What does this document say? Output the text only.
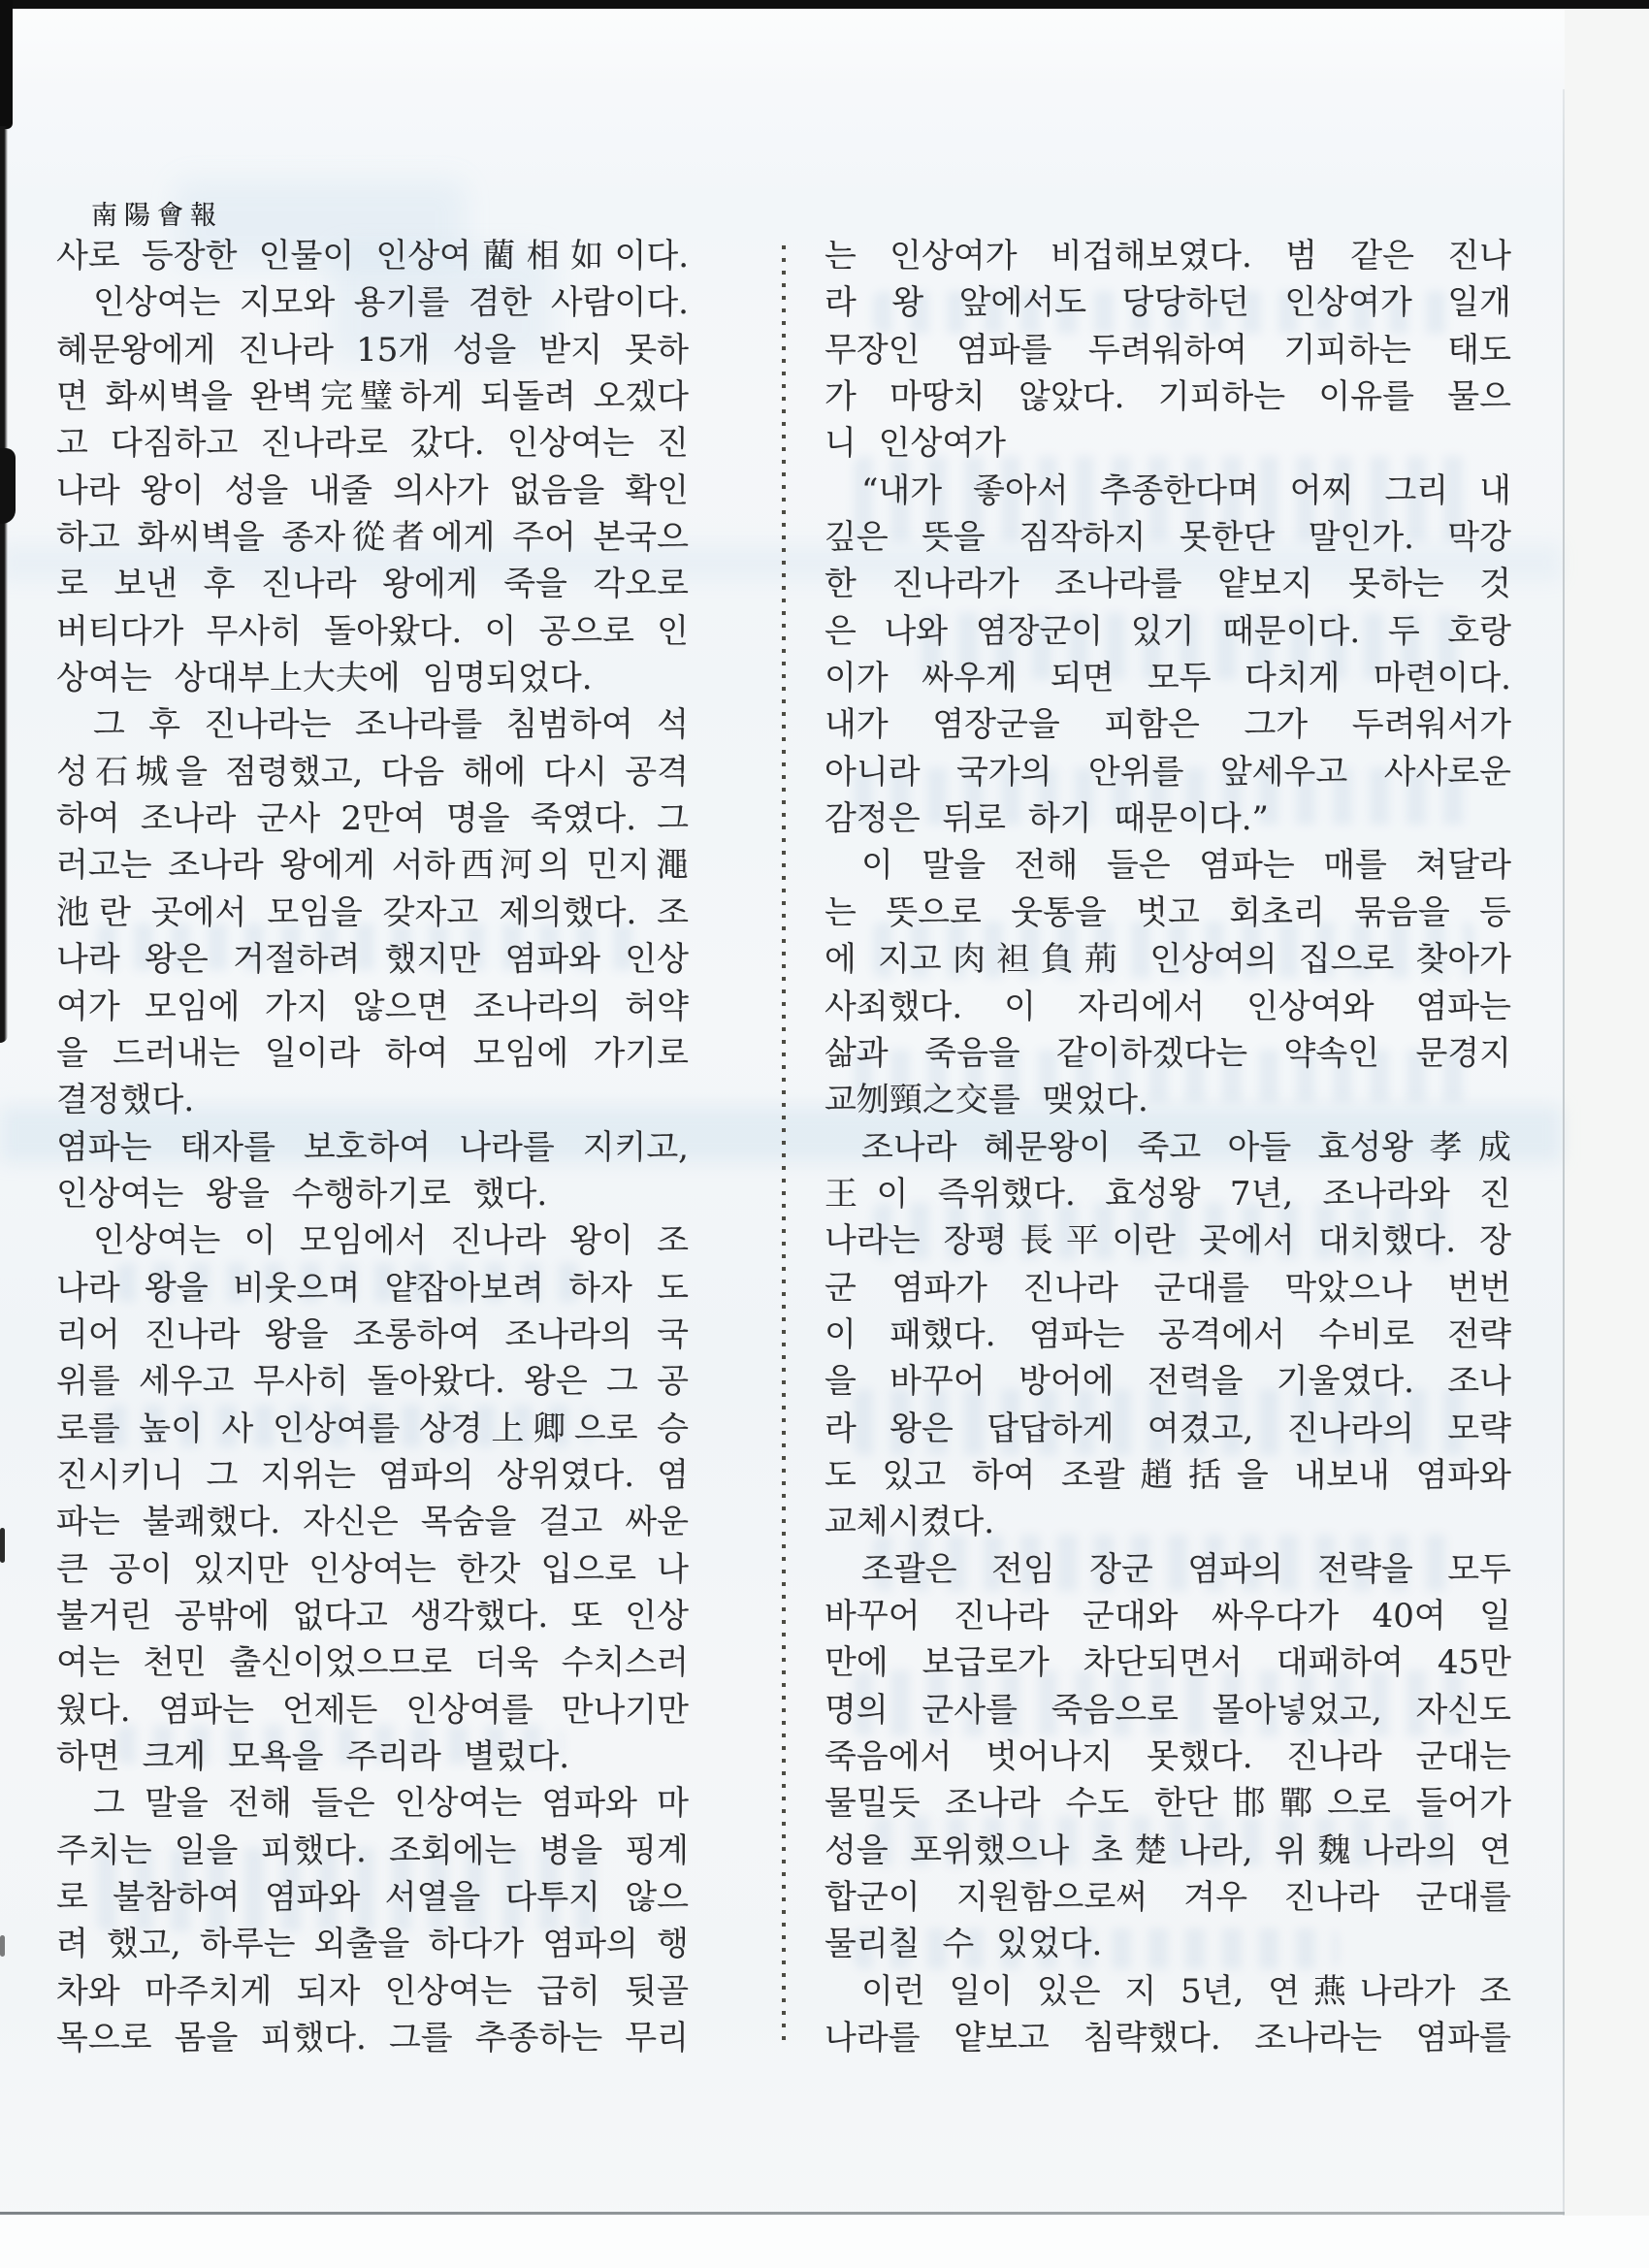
南陽會報
사로 등장한 인물이 인상여藺相如이다.
인상여는 지모와 용기를 겸한 사람이다.
혜문왕에게 진나라 15개 성을 받지 못하
면 화씨벽을 완벽完璧하게 되돌려 오겠다
고 다짐하고 진나라로 갔다. 인상여는 진
나라 왕이 성을 내줄 의사가 없음을 확인
하고 화씨벽을 종자從者에게 주어 본국으
로 보낸 후 진나라 왕에게 죽을 각오로
버티다가 무사히 돌아왔다. 이 공으로 인
상여는 상대부上大夫에 임명되었다.
그 후 진나라는 조나라를 침범하여 석
성石城을 점령했고, 다음 해에 다시 공격
하여 조나라 군사 2만여 명을 죽였다. 그
러고는 조나라 왕에게 서하西河의 민지澠
池란 곳에서 모임을 갖자고 제의했다. 조
나라 왕은 거절하려 했지만 염파와 인상
여가 모임에 가지 않으면 조나라의 허약
을 드러내는 일이라 하여 모임에 가기로
결정했다.
염파는 태자를 보호하여 나라를 지키고,
인상여는 왕을 수행하기로 했다.
인상여는 이 모임에서 진나라 왕이 조
나라 왕을 비웃으며 얕잡아보려 하자 도
리어 진나라 왕을 조롱하여 조나라의 국
위를 세우고 무사히 돌아왔다. 왕은 그 공
로를 높이 사 인상여를 상경上卿으로 승
진시키니 그 지위는 염파의 상위였다. 염
파는 불쾌했다. 자신은 목숨을 걸고 싸운
큰 공이 있지만 인상여는 한갓 입으로 나
불거린 공밖에 없다고 생각했다. 또 인상
여는 천민 출신이었으므로 더욱 수치스러
웠다. 염파는 언제든 인상여를 만나기만
하면 크게 모욕을 주리라 별렀다.
그 말을 전해 들은 인상여는 염파와 마
주치는 일을 피했다. 조회에는 병을 핑계
로 불참하여 염파와 서열을 다투지 않으
려 했고, 하루는 외출을 하다가 염파의 행
차와 마주치게 되자 인상여는 급히 뒷골
목으로 몸을 피했다. 그를 추종하는 무리
는 인상여가 비겁해보였다. 범 같은 진나
라 왕 앞에서도 당당하던 인상여가 일개
무장인 염파를 두려워하여 기피하는 태도
가 마땅치 않았다. 기피하는 이유를 물으
니 인상여가
“내가 좋아서 추종한다며 어찌 그리 내
깊은 뜻을 짐작하지 못한단 말인가. 막강
한 진나라가 조나라를 얕보지 못하는 것
은 나와 염장군이 있기 때문이다. 두 호랑
이가 싸우게 되면 모두 다치게 마련이다.
내가 염장군을 피함은 그가 두려워서가
아니라 국가의 안위를 앞세우고 사사로운
감정은 뒤로 하기 때문이다.”
이 말을 전해 들은 염파는 매를 쳐달라
는 뜻으로 웃통을 벗고 회초리 묶음을 등
에 지고肉袒負荊 인상여의 집으로 찾아가
사죄했다. 이 자리에서 인상여와 염파는
삶과 죽음을 같이하겠다는 약속인 문경지
교刎頸之交를 맺었다.
조나라 혜문왕이 죽고 아들 효성왕孝成
王이 즉위했다. 효성왕 7년, 조나라와 진
나라는 장평長平이란 곳에서 대치했다. 장
군 염파가 진나라 군대를 막았으나 번번
이 패했다. 염파는 공격에서 수비로 전략
을 바꾸어 방어에 전력을 기울였다. 조나
라 왕은 답답하게 여겼고, 진나라의 모략
도 있고 하여 조괄趙括을 내보내 염파와
교체시켰다.
조괄은 전임 장군 염파의 전략을 모두
바꾸어 진나라 군대와 싸우다가 40여 일
만에 보급로가 차단되면서 대패하여 45만
명의 군사를 죽음으로 몰아넣었고, 자신도
죽음에서 벗어나지 못했다. 진나라 군대는
물밀듯 조나라 수도 한단邯鄲으로 들어가
성을 포위했으나 초楚나라, 위魏나라의 연
합군이 지원함으로써 겨우 진나라 군대를
물리칠 수 있었다.
이런 일이 있은 지 5년, 연燕나라가 조
나라를 얕보고 침략했다. 조나라는 염파를
